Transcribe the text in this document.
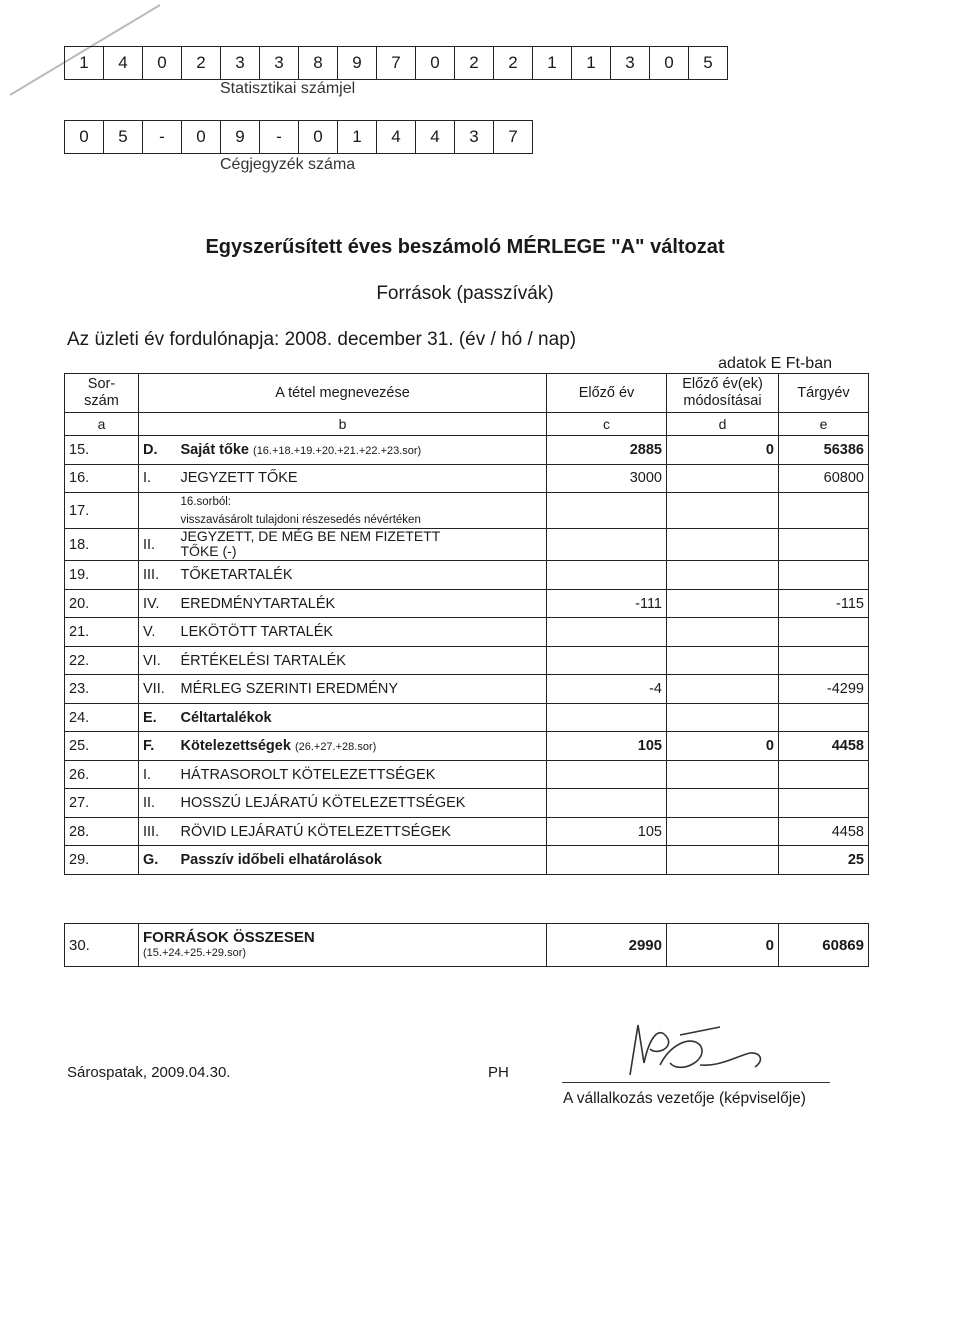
1	4	0	2	3	3	8	9	7	0	2	2	1	1	3	0	5
Statisztikai számjel
0	5	-	0	9	-	0	1	4	4	3	7
Cégjegyzék száma
Egyszerűsített éves beszámoló MÉRLEGE "A" változat
Források (passzívák)
Az üzleti év fordulónapja: 2008. december 31. (év / hó / nap)
adatok E Ft-ban
Sor-
szám	A tétel megnevezése		Előző év	Előző év(ek)
módosításai	Tárgyév
a	b		c	d	e
15.	D.	Saját tőke (16.+18.+19.+20.+21.+22.+23.sor)	2885	0	56386
16.	I.	JEGYZETT TŐKE	3000		60800
17.		16.sorból:
visszavásárolt tulajdoni részesedés névértéken			
18.	II.	JEGYZETT, DE MÉG BE NEM FIZETETT
TŐKE (-)			
19.	III.	TŐKETARTALÉK			
20.	IV.	EREDMÉNYTARTALÉK	-111		-115
21.	V.	LEKÖTÖTT TARTALÉK			
22.	VI.	ÉRTÉKELÉSI TARTALÉK			
23.	VII.	MÉRLEG SZERINTI EREDMÉNY	-4		-4299
24.	E.	Céltartalékok			
25.	F.	Kötelezettségek (26.+27.+28.sor)	105	0	4458
26.	I.	HÁTRASOROLT KÖTELEZETTSÉGEK			
27.	II.	HOSSZÚ LEJÁRATÚ KÖTELEZETTSÉGEK			
28.	III.	RÖVID LEJÁRATÚ KÖTELEZETTSÉGEK	105		4458
29.	G.	Passzív időbeli elhatárolások			25
30.	FORRÁSOK ÖSSZESEN
(15.+24.+25.+29.sor)	2990	0	60869
Sárospatak, 2009.04.30.	PH
A vállalkozás vezetője (képviselője)
